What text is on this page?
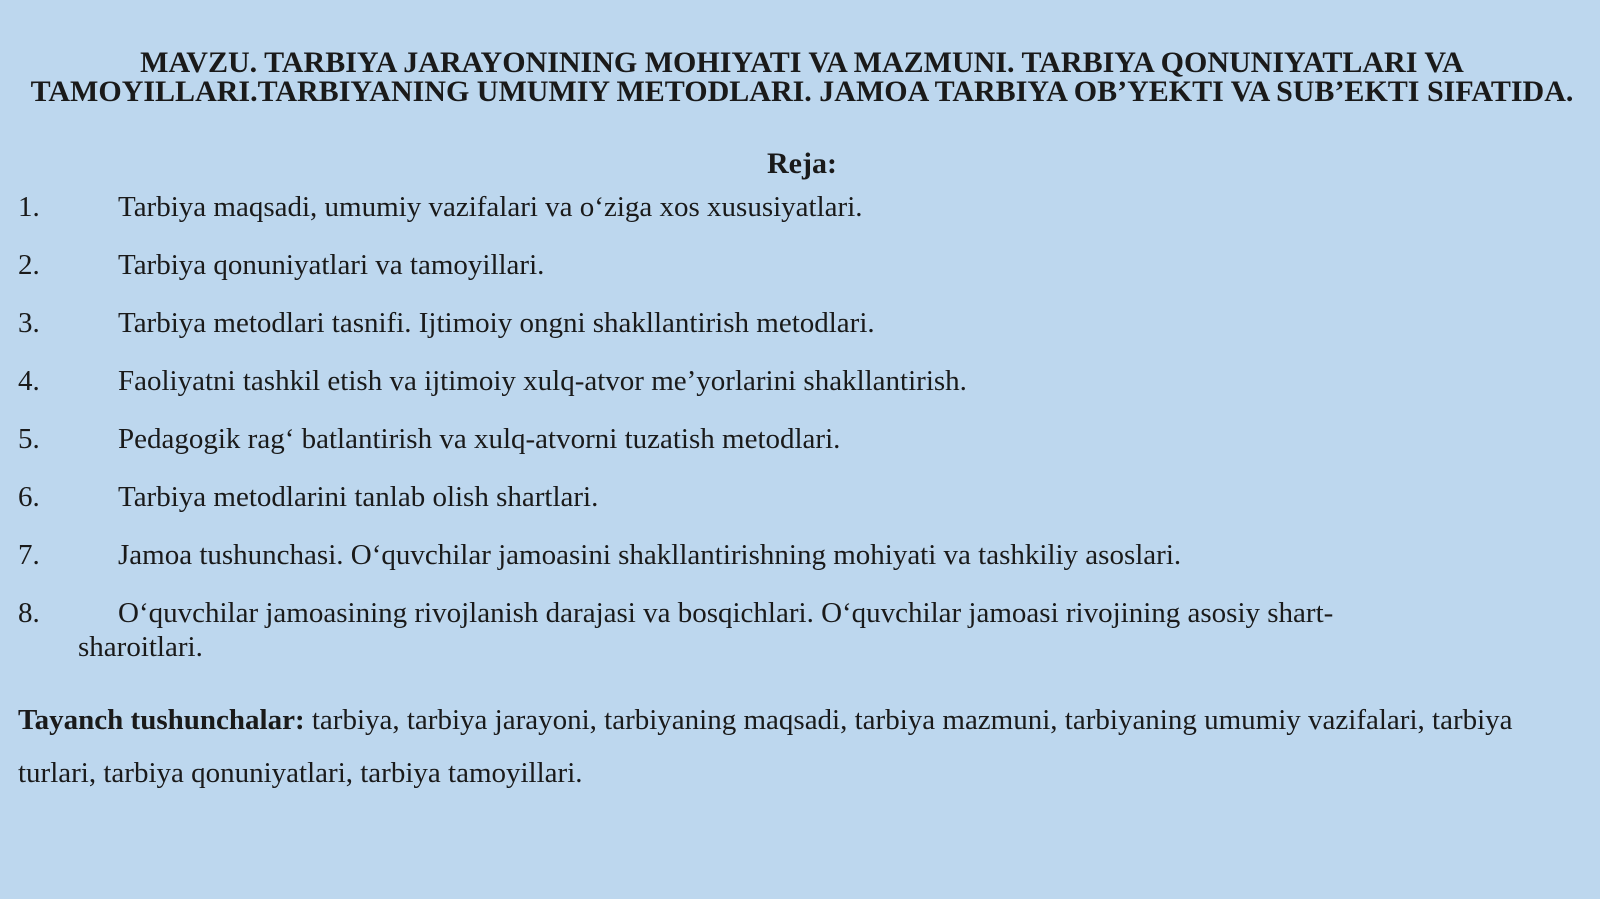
MAVZU. TARBIYA JARAYONINING MOHIYATI VA MAZMUNI. TARBIYA QONUNIYATLARI VA TAMOYILLARI.TARBIYANING UMUMIY METODLARI. JAMOA TARBIYA OB’YEKTI VA SUB’EKTI SIFATIDA.
Reja:
1.	Tarbiya maqsadi, umumiy vazifalari va o‘ziga xos xususiyatlari.
2.	Tarbiya qonuniyatlari va tamoyillari.
3.	Tarbiya metodlari tasnifi. Ijtimoiy ongni shakllantirish metodlari.
4.	Faoliyatni tashkil etish va ijtimoiy xulq-atvor me’yorlarini shakllantirish.
5.	Pedagogik rag‘ batlantirish va xulq-atvorni tuzatish metodlari.
6.	Tarbiya metodlarini tanlab olish shartlari.
7.	Jamoa tushunchasi. O‘quvchilar jamoasini shakllantirishning mohiyati va tashkiliy asoslari.
8.	O‘quvchilar jamoasining rivojlanish darajasi va bosqichlari. O‘quvchilar jamoasi rivojining asosiy shart-
sharoitlari.

Tayanch tushunchalar: tarbiya, tarbiya jarayoni, tarbiyaning maqsadi, tarbiya mazmuni, tarbiyaning umumiy vazifalari, tarbiya turlari, tarbiya qonuniyatlari, tarbiya tamoyillari.
